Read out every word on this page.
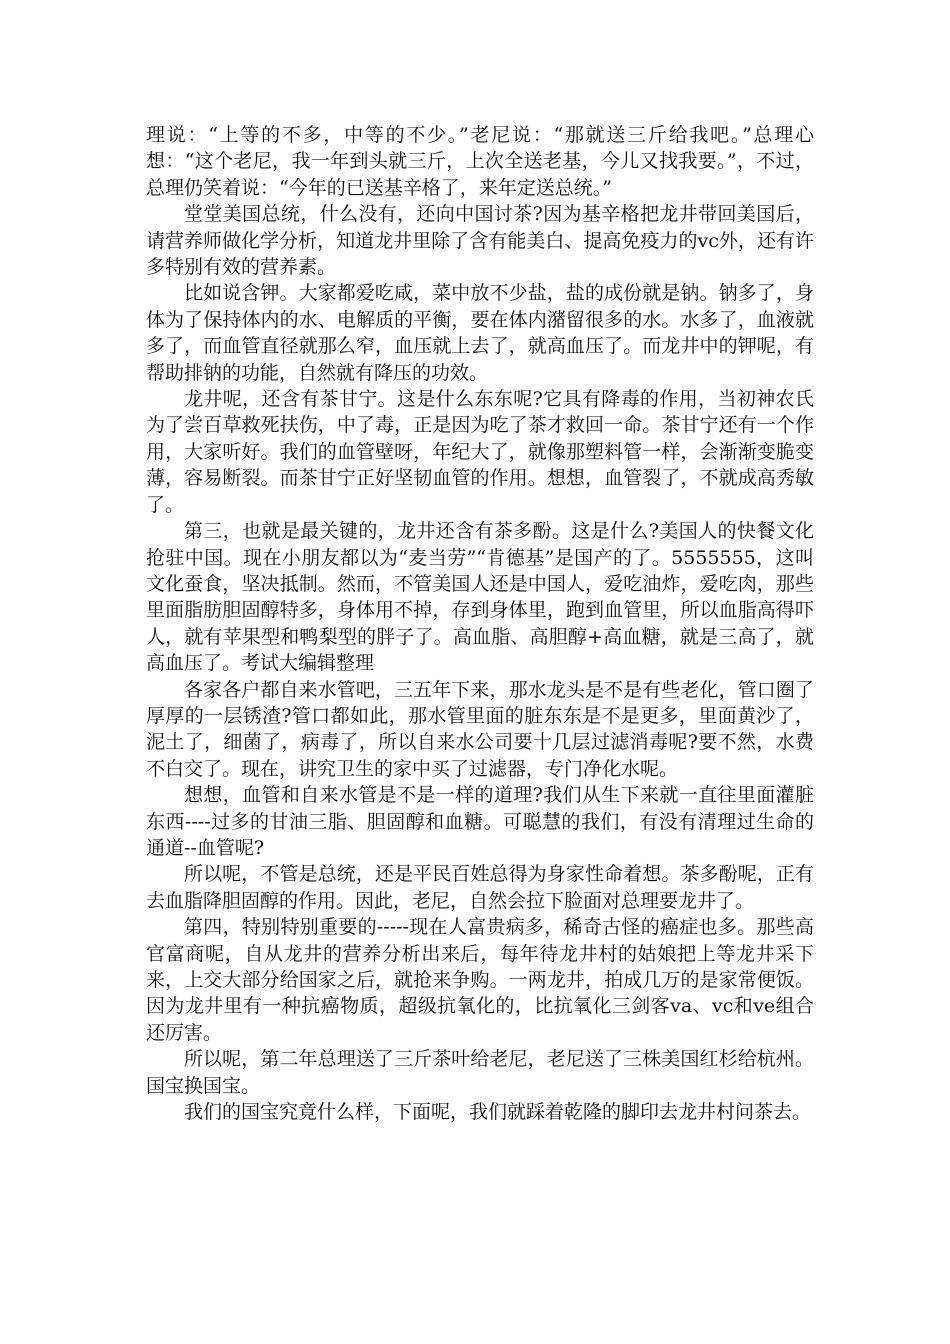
理说：“上等的不多，中等的不少。”老尼说：“那就送三斤给我吧。”总理心想：“这个老尼，我一年到头就三斤，上次全送老基，今儿又找我要。”，不过，总理仍笑着说：“今年的已送基辛格了，来年定送总统。”

堂堂美国总统，什么没有，还向中国讨茶?因为基辛格把龙井带回美国后，请营养师做化学分析，知道龙井里除了含有能美白、提高免疫力的vc外，还有许多特别有效的营养素。

比如说含钾。大家都爱吃咸，菜中放不少盐，盐的成份就是钠。钠多了，身体为了保持体内的水、电解质的平衡，要在体内潴留很多的水。水多了，血液就多了，而血管直径就那么窄，血压就上去了，就高血压了。而龙井中的钾呢，有帮助排钠的功能，自然就有降压的功效。

龙井呢，还含有茶甘宁。这是什么东东呢?它具有降毒的作用，当初神农氏为了尝百草救死扶伤，中了毒，正是因为吃了茶才救回一命。茶甘宁还有一个作用，大家听好。我们的血管壁呀，年纪大了，就像那塑料管一样，会渐渐变脆变薄，容易断裂。而茶甘宁正好坚韧血管的作用。想想，血管裂了，不就成高秀敏了。

第三，也就是最关键的，龙井还含有茶多酚。这是什么?美国人的快餐文化抢驻中国。现在小朋友都以为“麦当劳”“肯德基”是国产的了。5555555，这叫文化蚕食，坚决抵制。然而，不管美国人还是中国人，爱吃油炸，爱吃肉，那些里面脂肪胆固醇特多，身体用不掉，存到身体里，跑到血管里，所以血脂高得吓人，就有苹果型和鸭梨型的胖子了。高血脂、高胆醇+高血糖，就是三高了，就高血压了。考试大编辑整理

各家各户都自来水管吧，三五年下来，那水龙头是不是有些老化，管口圈了厚厚的一层锈渣?管口都如此，那水管里面的脏东东是不是更多，里面黄沙了，泥土了，细菌了，病毒了，所以自来水公司要十几层过滤消毒呢?要不然，水费不白交了。现在，讲究卫生的家中买了过滤器，专门净化水呢。

想想，血管和自来水管是不是一样的道理?我们从生下来就一直往里面灌脏东西----过多的甘油三脂、胆固醇和血糖。可聪慧的我们，有没有清理过生命的通道--血管呢?

所以呢，不管是总统，还是平民百姓总得为身家性命着想。茶多酚呢，正有去血脂降胆固醇的作用。因此，老尼，自然会拉下脸面对总理要龙井了。

第四，特别特别重要的-----现在人富贵病多，稀奇古怪的癌症也多。那些高官富商呢，自从龙井的营养分析出来后，每年待龙井村的姑娘把上等龙井采下来，上交大部分给国家之后，就抢来争购。一两龙井，拍成几万的是家常便饭。因为龙井里有一种抗癌物质，超级抗氧化的，比抗氧化三剑客va、vc和ve组合还厉害。

所以呢，第二年总理送了三斤茶叶给老尼，老尼送了三株美国红杉给杭州。国宝换国宝。

我们的国宝究竟什么样，下面呢，我们就踩着乾隆的脚印去龙井村问茶去。
